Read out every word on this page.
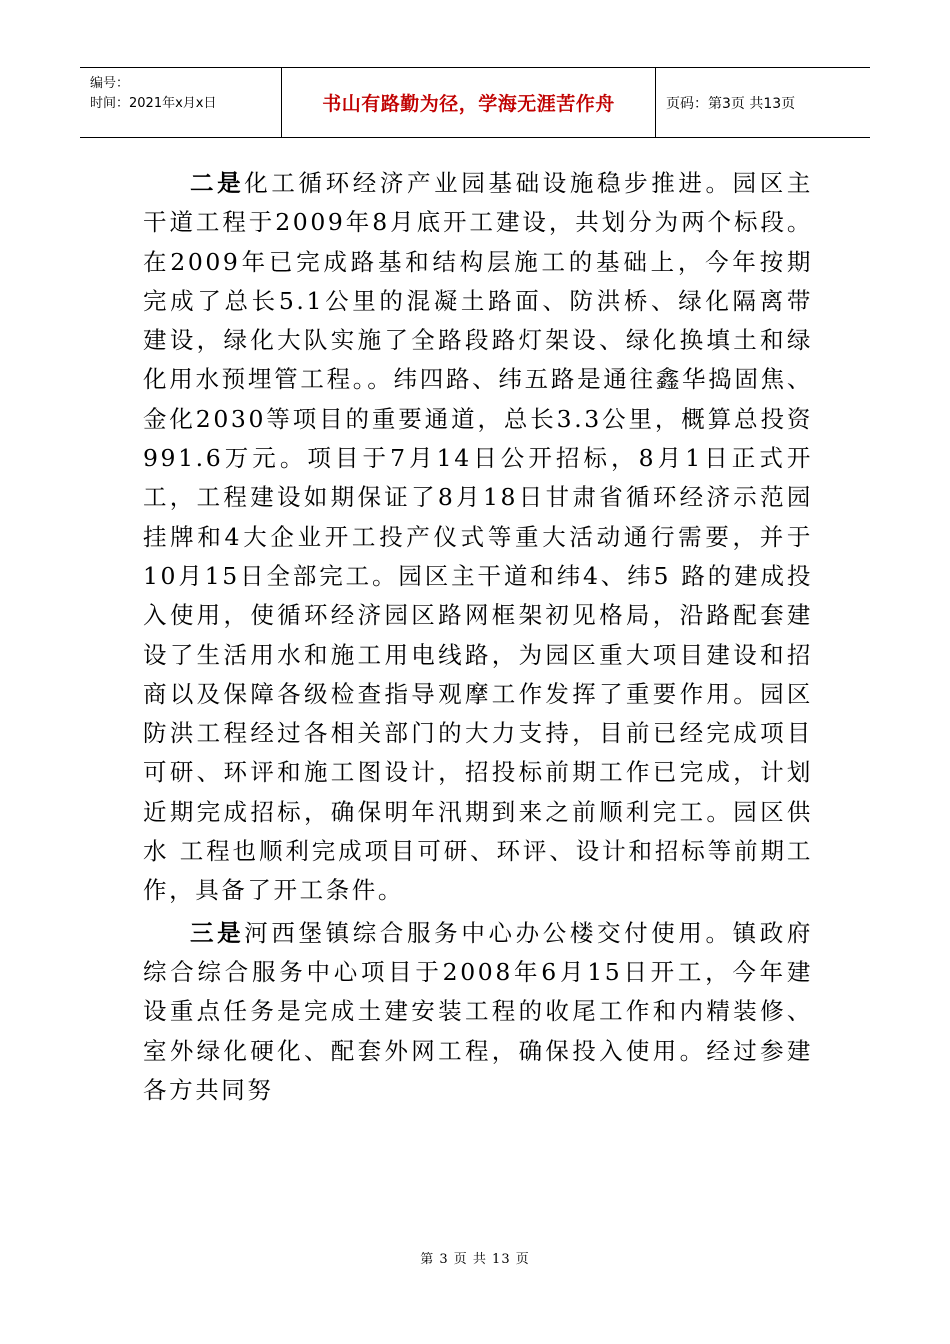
编号：
时间：2021年x月x日	书山有路勤为径，学海无涯苦作舟	页码：第3页 共13页

二是化工循环经济产业园基础设施稳步推进。园区主干道工程于2009年8月底开工建设，共划分为两个标段。在2009年已完成路基和结构层施工的基础上，今年按期完成了总长5.1公里的混凝土路面、防洪桥、绿化隔离带建设，绿化大队实施了全路段路灯架设、绿化换填土和绿化用水预埋管工程。。纬四路、纬五路是通往鑫华捣固焦、金化2030等项目的重要通道，总长3.3公里，概算总投资991.6万元。项目于7月14日公开招标，8月1日正式开工，工程建设如期保证了8月18日甘肃省循环经济示范园挂牌和4大企业开工投产仪式等重大活动通行需要，并于10月15日全部完工。园区主干道和纬4、纬5 路的建成投入使用，使循环经济园区路网框架初见格局，沿路配套建设了生活用水和施工用电线路，为园区重大项目建设和招商以及保障各级检查指导观摩工作发挥了重要作用。园区防洪工程经过各相关部门的大力支持，目前已经完成项目可研、环评和施工图设计，招投标前期工作已完成，计划近期完成招标，确保明年汛期到来之前顺利完工。园区供水 工程也顺利完成项目可研、环评、设计和招标等前期工作，具备了开工条件。

三是河西堡镇综合服务中心办公楼交付使用。镇政府综合综合服务中心项目于2008年6月15日开工，今年建设重点任务是完成土建安装工程的收尾工作和内精装修、室外绿化硬化、配套外网工程，确保投入使用。经过参建各方共同努

第 3 页 共 13 页
